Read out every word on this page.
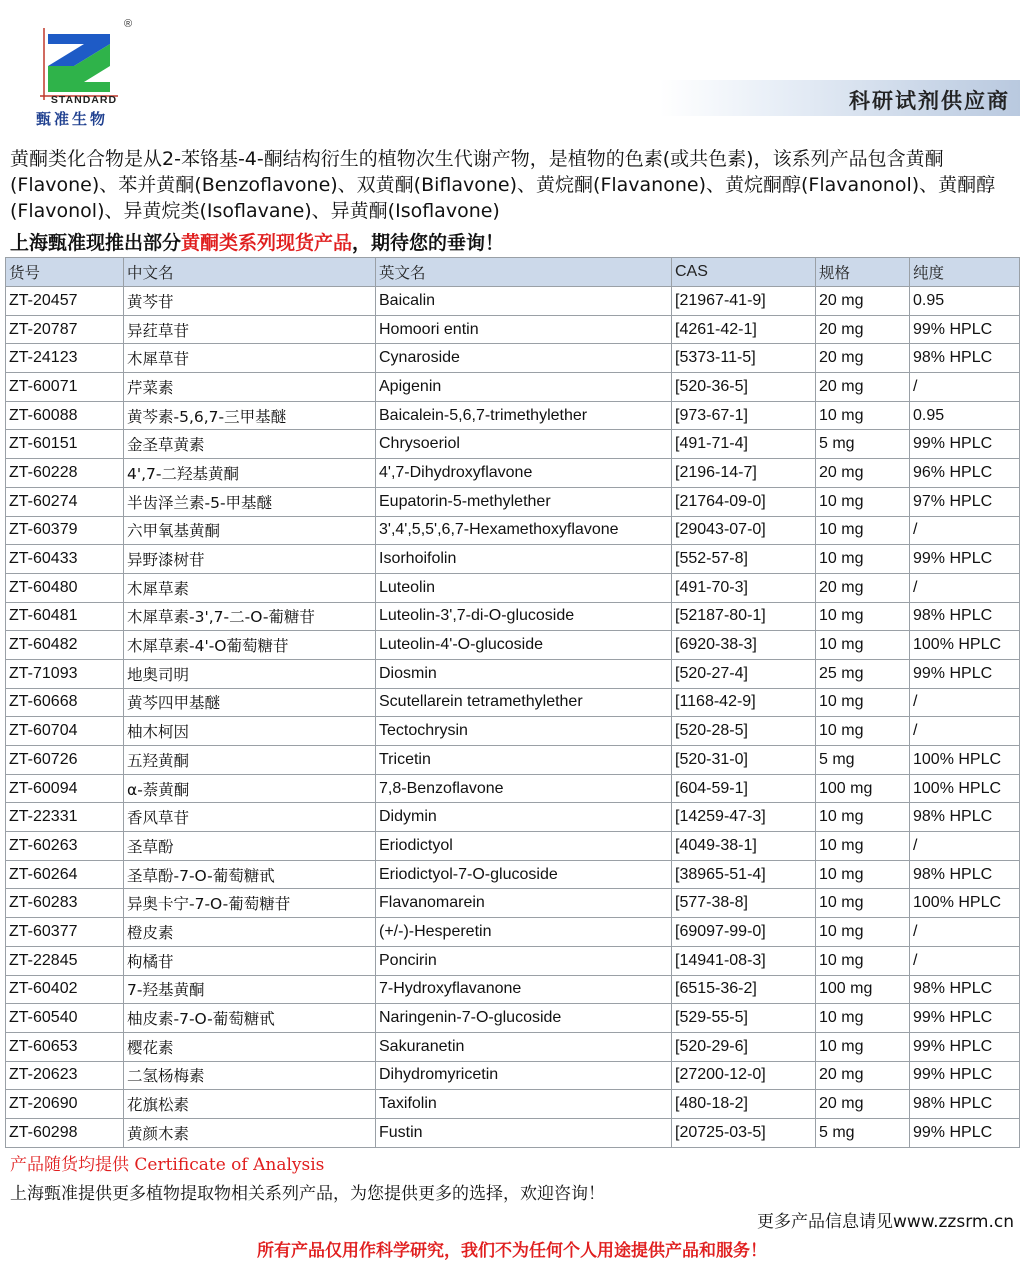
®
STANDARD
甄准生物
科研试剂供应商

黄酮类化合物是从2-苯铬基-4-酮结构衍生的植物次生代谢产物，是植物的色素(或共色素)，该系列产品包含黄酮(Flavone)、苯并黄酮(Benzoflavone)、双黄酮(Biflavone)、黄烷酮(Flavanone)、黄烷酮醇(Flavanonol)、黄酮醇(Flavonol)、异黄烷类(Isoflavane)、异黄酮(Isoflavone)

上海甄准现推出部分黄酮类系列现货产品，期待您的垂询！
货号	中文名	英文名	CAS	规格	纯度
ZT-20457	黄芩苷	Baicalin	[21967-41-9]	20 mg	0.95
ZT-20787	异荭草苷	Homoori entin	[4261-42-1]	20 mg	99% HPLC
ZT-24123	木犀草苷	Cynaroside	[5373-11-5]	20 mg	98% HPLC
ZT-60071	芹菜素	Apigenin	[520-36-5]	20 mg	/
ZT-60088	黄芩素-5,6,7-三甲基醚	Baicalein-5,6,7-trimethylether	[973-67-1]	10 mg	0.95
ZT-60151	金圣草黄素	Chrysoeriol	[491-71-4]	5 mg	99% HPLC
ZT-60228	4',7-二羟基黄酮	4',7-Dihydroxyflavone	[2196-14-7]	20 mg	96% HPLC
ZT-60274	半齿泽兰素-5-甲基醚	Eupatorin-5-methylether	[21764-09-0]	10 mg	97% HPLC
ZT-60379	六甲氧基黄酮	3',4',5,5',6,7-Hexamethoxyflavone	[29043-07-0]	10 mg	/
ZT-60433	异野漆树苷	Isorhoifolin	[552-57-8]	10 mg	99% HPLC
ZT-60480	木犀草素	Luteolin	[491-70-3]	20 mg	/
ZT-60481	木犀草素-3',7-二-O-葡糖苷	Luteolin-3',7-di-O-glucoside	[52187-80-1]	10 mg	98% HPLC
ZT-60482	木犀草素-4'-O葡萄糖苷	Luteolin-4'-O-glucoside	[6920-38-3]	10 mg	100% HPLC
ZT-71093	地奥司明	Diosmin	[520-27-4]	25 mg	99% HPLC
ZT-60668	黄芩四甲基醚	Scutellarein tetramethylether	[1168-42-9]	10 mg	/
ZT-60704	柚木柯因	Tectochrysin	[520-28-5]	10 mg	/
ZT-60726	五羟黄酮	Tricetin	[520-31-0]	5 mg	100% HPLC
ZT-60094	α-萘黄酮	7,8-Benzoflavone	[604-59-1]	100 mg	100% HPLC
ZT-22331	香风草苷	Didymin	[14259-47-3]	10 mg	98% HPLC
ZT-60263	圣草酚	Eriodictyol	[4049-38-1]	10 mg	/
ZT-60264	圣草酚-7-O-葡萄糖甙	Eriodictyol-7-O-glucoside	[38965-51-4]	10 mg	98% HPLC
ZT-60283	异奥卡宁-7-O-葡萄糖苷	Flavanomarein	[577-38-8]	10 mg	100% HPLC
ZT-60377	橙皮素	(+/-)-Hesperetin	[69097-99-0]	10 mg	/
ZT-22845	枸橘苷	Poncirin	[14941-08-3]	10 mg	/
ZT-60402	7-羟基黄酮	7-Hydroxyflavanone	[6515-36-2]	100 mg	98% HPLC
ZT-60540	柚皮素-7-O-葡萄糖甙	Naringenin-7-O-glucoside	[529-55-5]	10 mg	99% HPLC
ZT-60653	樱花素	Sakuranetin	[520-29-6]	10 mg	99% HPLC
ZT-20623	二氢杨梅素	Dihydromyricetin	[27200-12-0]	20 mg	99% HPLC
ZT-20690	花旗松素	Taxifolin	[480-18-2]	20 mg	98% HPLC
ZT-60298	黄颜木素	Fustin	[20725-03-5]	5 mg	99% HPLC
产品随货均提供 Certificate of Analysis
上海甄准提供更多植物提取物相关系列产品，为您提供更多的选择，欢迎咨询！
更多产品信息请见www.zzsrm.cn
所有产品仅用作科学研究，我们不为任何个人用途提供产品和服务！
